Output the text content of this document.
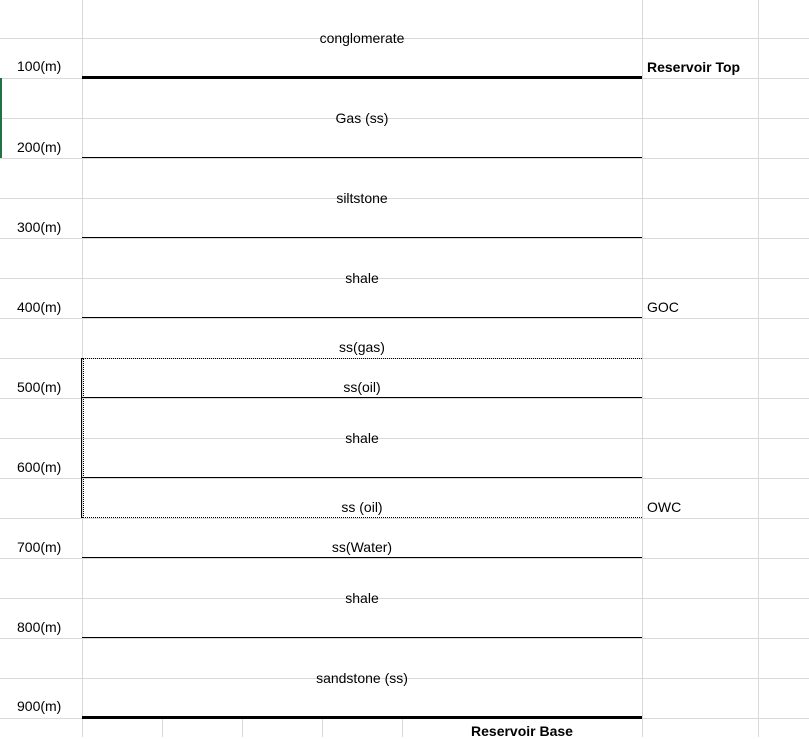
100(m)
200(m)
300(m)
400(m)
500(m)
600(m)
700(m)
800(m)
900(m)
conglomerate
Gas (ss)
siltstone
shale
ss(gas)
ss(oil)
shale
ss (oil)
ss(Water)
shale
sandstone (ss)
Reservoir Top
GOC
OWC
Reservoir Base
